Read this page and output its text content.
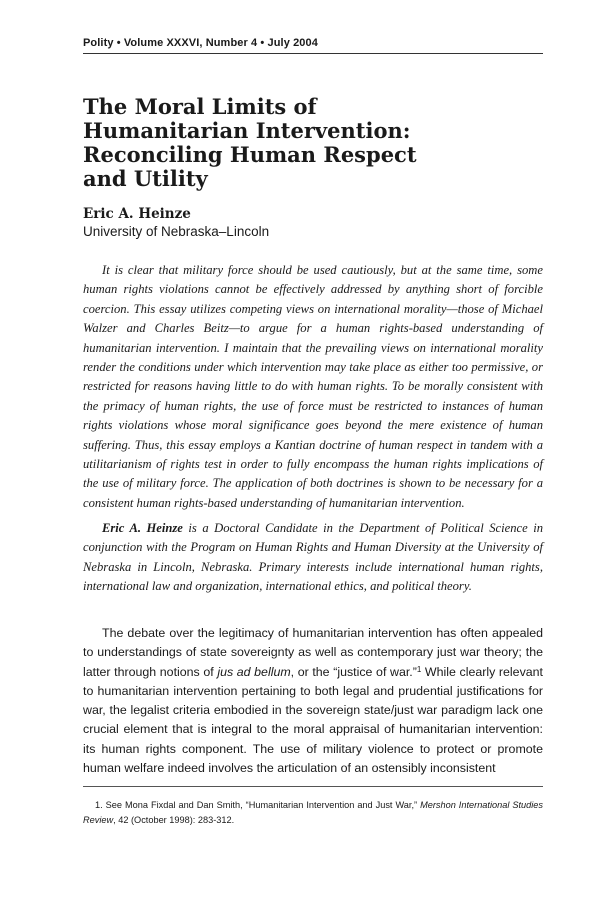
Polity • Volume XXXVI, Number 4 • July 2004
The Moral Limits of
Humanitarian Intervention:
Reconciling Human Respect
and Utility
Eric A. Heinze
University of Nebraska–Lincoln

It is clear that military force should be used cautiously, but at the same time, some human rights violations cannot be effectively addressed by anything short of forcible coercion. This essay utilizes competing views on international morality—those of Michael Walzer and Charles Beitz—to argue for a human rights-based understanding of humanitarian intervention. I maintain that the prevailing views on international morality render the conditions under which intervention may take place as either too permissive, or restricted for reasons having little to do with human rights. To be morally consistent with the primacy of human rights, the use of force must be restricted to instances of human rights violations whose moral significance goes beyond the mere existence of human suffering. Thus, this essay employs a Kantian doctrine of human respect in tandem with a utilitarianism of rights test in order to fully encompass the human rights implications of the use of military force. The application of both doctrines is shown to be necessary for a consistent human rights-based understanding of humanitarian intervention.

Eric A. Heinze is a Doctoral Candidate in the Department of Political Science in conjunction with the Program on Human Rights and Human Diversity at the University of Nebraska in Lincoln, Nebraska. Primary interests include international human rights, international law and organization, international ethics, and political theory.

The debate over the legitimacy of humanitarian intervention has often appealed to understandings of state sovereignty as well as contemporary just war theory; the latter through notions of jus ad bellum, or the “justice of war.”$^1$ While clearly relevant to humanitarian intervention pertaining to both legal and prudential justifications for war, the legalist criteria embodied in the sovereign state/just war paradigm lack one crucial element that is integral to the moral appraisal of humanitarian intervention: its human rights component. The use of military violence to protect or promote human welfare indeed involves the articulation of an ostensibly inconsistent

1. See Mona Fixdal and Dan Smith, “Humanitarian Intervention and Just War,” Mershon International Studies Review, 42 (October 1998): 283-312.
